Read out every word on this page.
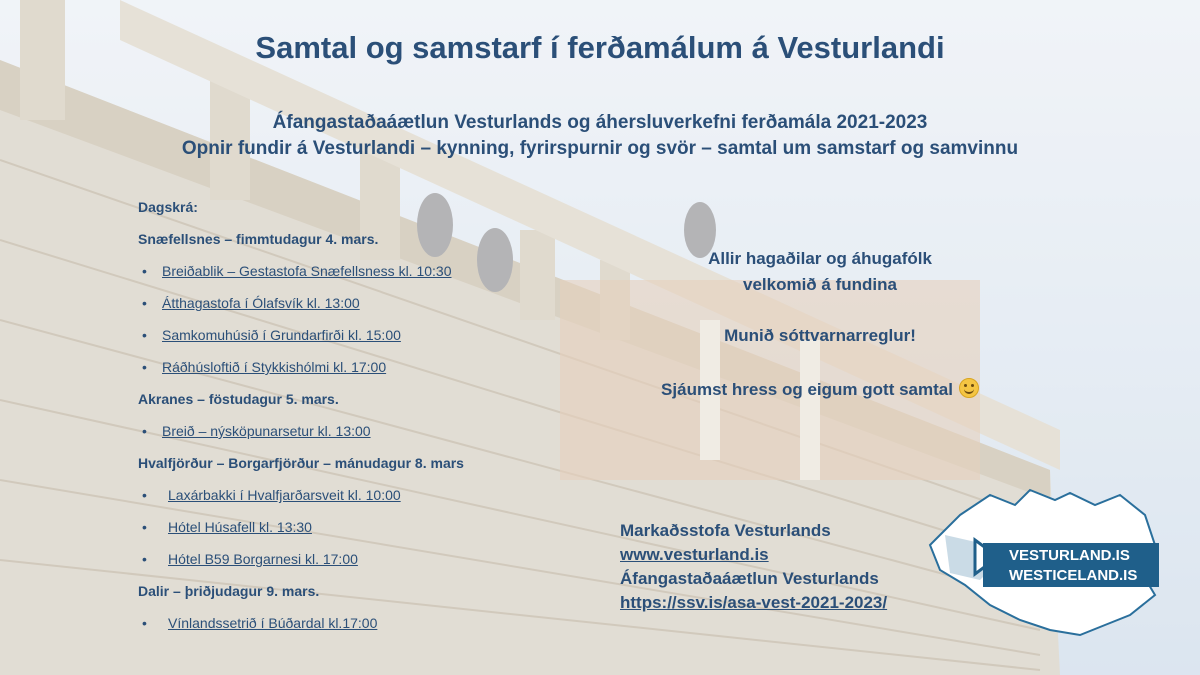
Samtal og samstarf í ferðamálum á Vesturlandi
Áfangastaðaáætlun Vesturlands og áhersluverkefni ferðamála 2021-2023
Opnir fundir á Vesturlandi – kynning, fyrirspurnir og svör – samtal um samstarf og samvinnu
Dagskrá:
Snæfellsnes – fimmtudagur 4. mars.
• Breiðablik – Gestastofa Snæfellsness kl. 10:30
• Átthagastofa í Ólafsvík kl. 13:00
• Samkomuhúsið í Grundarfirði kl. 15:00
• Ráðhúsloftið í Stykkishólmi kl. 17:00
Akranes – föstudagur 5. mars.
• Breið – nýsköpunarsetur kl. 13:00
Hvalfjörður – Borgarfjörður – mánudagur 8. mars
• Laxárbakki í Hvalfjarðarsveit kl. 10:00
• Hótel Húsafell kl. 13:30
• Hótel B59 Borgarnesi kl. 17:00
Dalir – þriðjudagur 9. mars.
• Vínlandssetrið í Búðardal kl.17:00
Allir hagaðilar og áhugafólk
velkomið á fundina
Munið sóttvarnarreglur!
Sjáumst hress og eigum gott samtal
Markaðsstofa Vesturlands
www.vesturland.is
Áfangastaðaáætlun Vesturlands
https://ssv.is/asa-vest-2021-2023/
VESTURLAND.IS
WESTICELAND.IS
